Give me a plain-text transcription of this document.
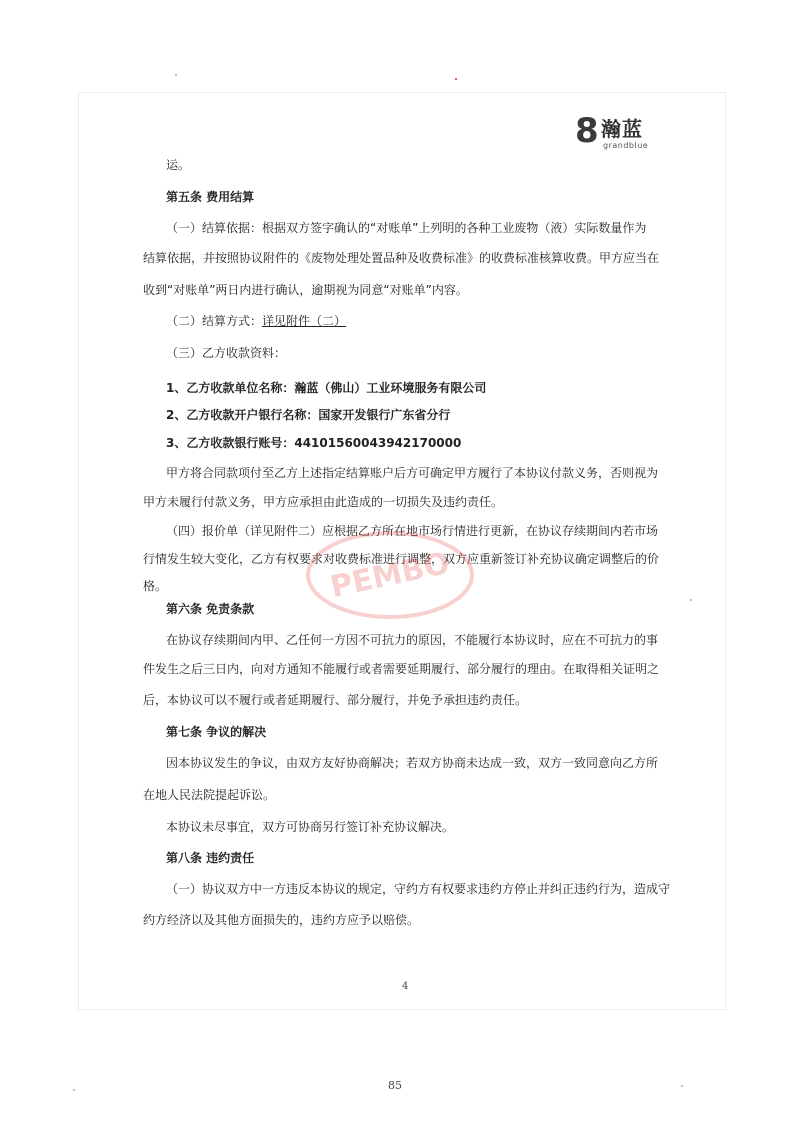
8 瀚蓝
grandblue
运。
第五条 费用结算
（一）结算依据：根据双方签字确认的“对账单”上列明的各种工业废物（液）实际数量作为
结算依据，并按照协议附件的《废物处理处置品种及收费标准》的收费标准核算收费。甲方应当在
收到“对账单”两日内进行确认，逾期视为同意“对账单”内容。
（二）结算方式：详见附件（二）
（三）乙方收款资料：
1、乙方收款单位名称：瀚蓝（佛山）工业环境服务有限公司
2、乙方收款开户银行名称：国家开发银行广东省分行
3、乙方收款银行账号：44101560043942170000
甲方将合同款项付至乙方上述指定结算账户后方可确定甲方履行了本协议付款义务，否则视为
甲方未履行付款义务，甲方应承担由此造成的一切损失及违约责任。
（四）报价单（详见附件二）应根据乙方所在地市场行情进行更新，在协议存续期间内若市场
行情发生较大变化，乙方有权要求对收费标准进行调整，双方应重新签订补充协议确定调整后的价
格。
第六条 免责条款
在协议存续期间内甲、乙任何一方因不可抗力的原因，不能履行本协议时，应在不可抗力的事
件发生之后三日内，向对方通知不能履行或者需要延期履行、部分履行的理由。在取得相关证明之
后，本协议可以不履行或者延期履行、部分履行，并免予承担违约责任。
第七条 争议的解决
因本协议发生的争议，由双方友好协商解决；若双方协商未达成一致，双方一致同意向乙方所
在地人民法院提起诉讼。
本协议未尽事宜，双方可协商另行签订补充协议解决。
第八条 违约责任
（一）协议双方中一方违反本协议的规定，守约方有权要求违约方停止并纠正违约行为，造成守
约方经济以及其他方面损失的，违约方应予以赔偿。
PEMBO
4
85
